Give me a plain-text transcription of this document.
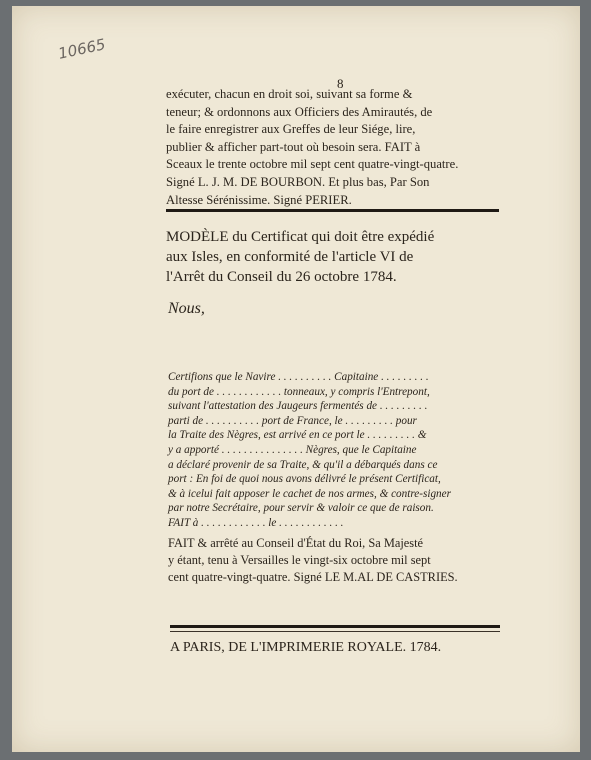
10665
8
exécuter, chacun en droit soi, suivant sa forme &
teneur; & ordonnons aux Officiers des Amirautés, de
le faire enregistrer aux Greffes de leur Siége, lire,
publier & afficher part-tout où besoin sera. FAIT à
Sceaux le trente octobre mil sept cent quatre-vingt-quatre.
Signé L. J. M. DE BOURBON. Et plus bas, Par Son
Altesse Sérénissime. Signé PERIER.
MODÈLE du Certificat qui doit être expédié
aux Isles, en conformité de l'article VI de
l'Arrêt du Conseil du 26 octobre 1784.
Nous,
Certifions que le Navire . . . . . . . . . . Capitaine . . . . . . . . .
du port de . . . . . . . . . . . . tonneaux, y compris l'Entrepont,
suivant l'attestation des Jaugeurs fermentés de . . . . . . . . .
parti de . . . . . . . . . . port de France, le . . . . . . . . . pour
la Traite des Nègres, est arrivé en ce port le . . . . . . . . . &
y a apporté . . . . . . . . . . . . . . . Nègres, que le Capitaine
a déclaré provenir de sa Traite, & qu'il a débarqués dans ce
port : En foi de quoi nous avons délivré le présent Certificat,
& à icelui fait apposer le cachet de nos armes, & contre-signer
par notre Secrétaire, pour servir & valoir ce que de raison.
FAIT à . . . . . . . . . . . . le . . . . . . . . . . . .
FAIT & arrêté au Conseil d'État du Roi, Sa Majesté
y étant, tenu à Versailles le vingt-six octobre mil sept
cent quatre-vingt-quatre. Signé LE M.AL DE CASTRIES.
A PARIS, DE L'IMPRIMERIE ROYALE. 1784.
